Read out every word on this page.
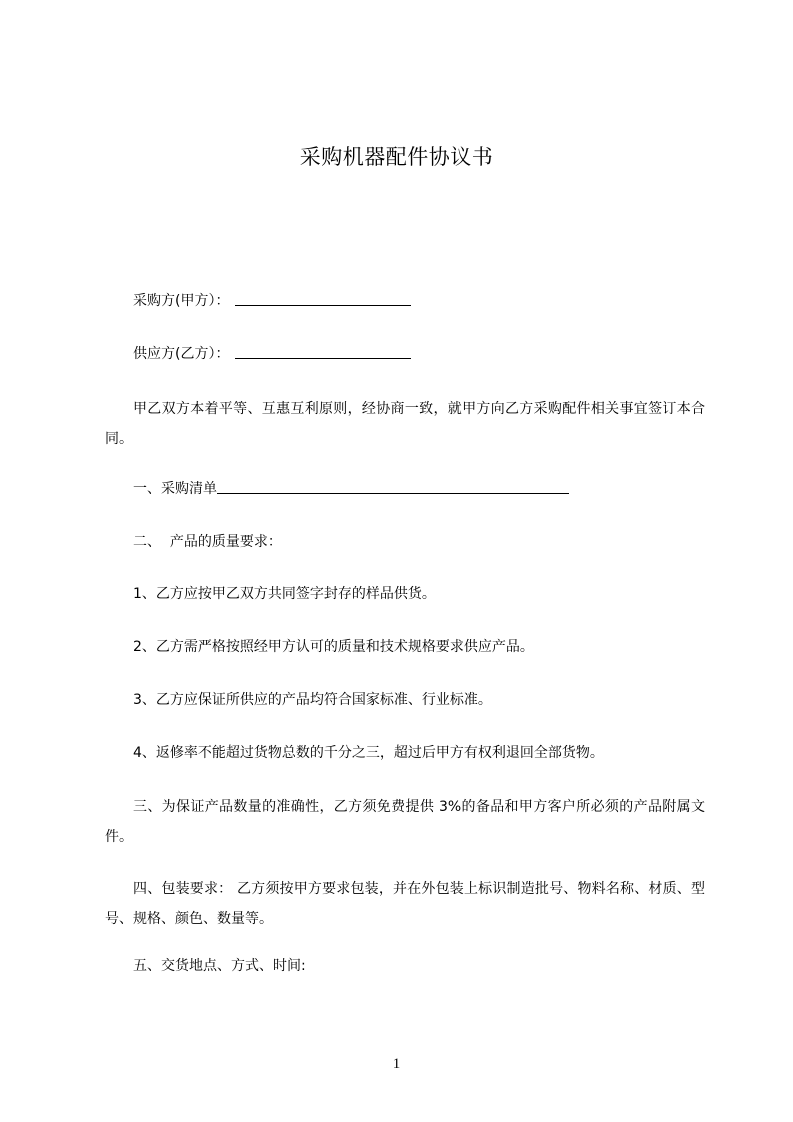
采购机器配件协议书
采购方(甲方）：
供应方(乙方）：
甲乙双方本着平等、互惠互利原则，经协商一致，就甲方向乙方采购配件相关事宜签订本合同。
一、采购清单
二、  产品的质量要求：
1、乙方应按甲乙双方共同签字封存的样品供货。
2、乙方需严格按照经甲方认可的质量和技术规格要求供应产品。
3、乙方应保证所供应的产品均符合国家标准、行业标准。
4、返修率不能超过货物总数的千分之三，超过后甲方有权利退回全部货物。
三、为保证产品数量的准确性，乙方须免费提供 3%的备品和甲方客户所必须的产品附属文件。
四、包装要求： 乙方须按甲方要求包装，并在外包装上标识制造批号、物料名称、材质、型号、规格、颜色、数量等。
五、交货地点、方式、时间:
1
